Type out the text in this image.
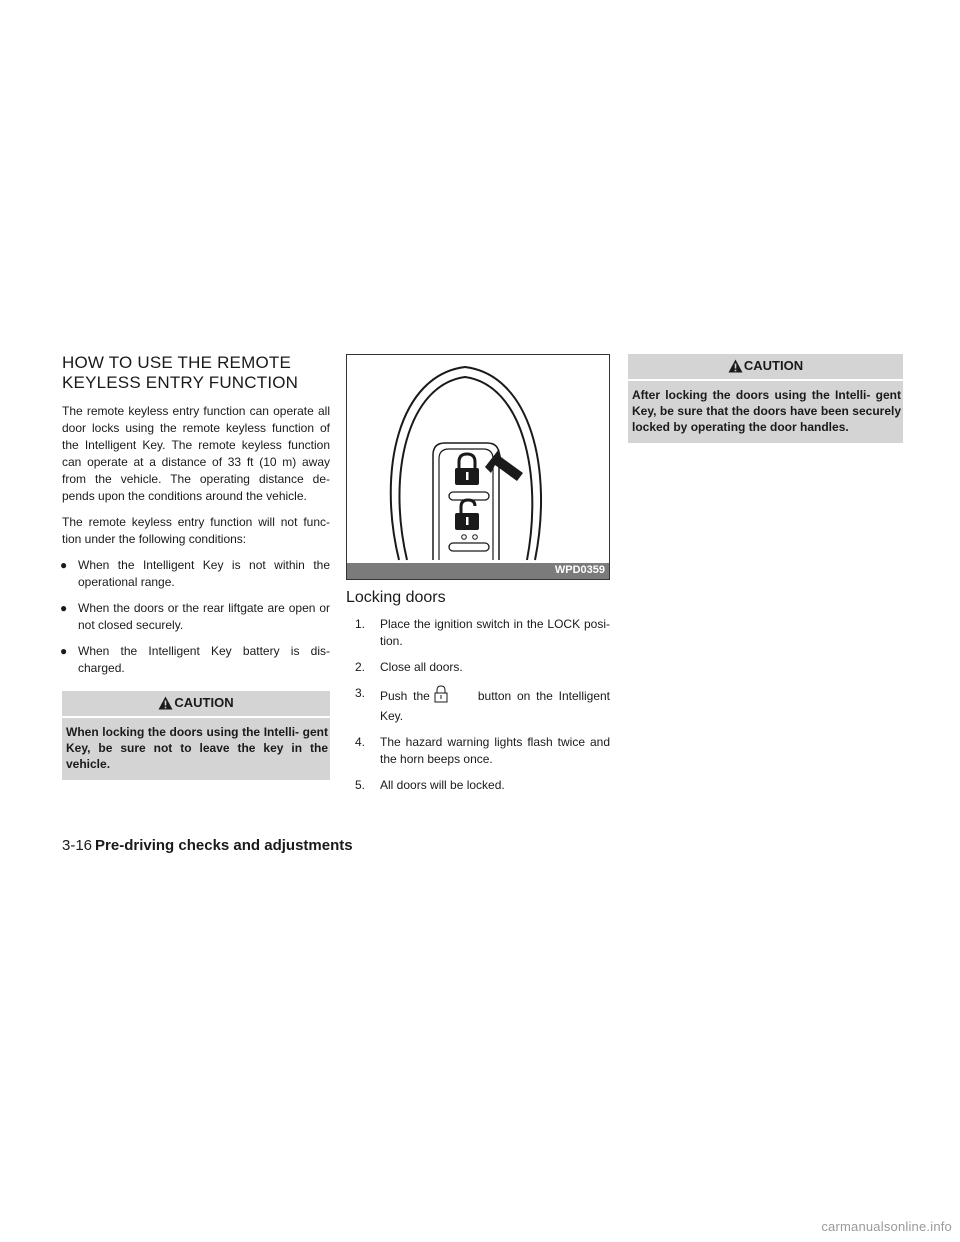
HOW TO USE THE REMOTE
KEYLESS ENTRY FUNCTION

The remote keyless entry function can operate all door locks using the remote keyless function of the Intelligent Key. The remote keyless function can operate at a distance of 33 ft (10 m) away from the vehicle. The operating distance de- pends upon the conditions around the vehicle.

The remote keyless entry function will not func- tion under the following conditions:

● When the Intelligent Key is not within the operational range.
● When the doors or the rear liftgate are open or not closed securely.
● When the Intelligent Key battery is dis- charged.
CAUTION
When locking the doors using the Intelli- gent Key, be sure not to leave the key in the vehicle.
WPD0359
Locking doors
1.	Place the ignition switch in the LOCK posi- tion.
2.	Close all doors.
3.	Push the	button on the Intelligent Key.
4.	The hazard warning lights flash twice and the horn beeps once.
5.	All doors will be locked.
CAUTION
After locking the doors using the Intelli- gent Key, be sure that the doors have been securely locked by operating the door handles.
3-16 Pre-driving checks and adjustments
carmanualsonline.info
